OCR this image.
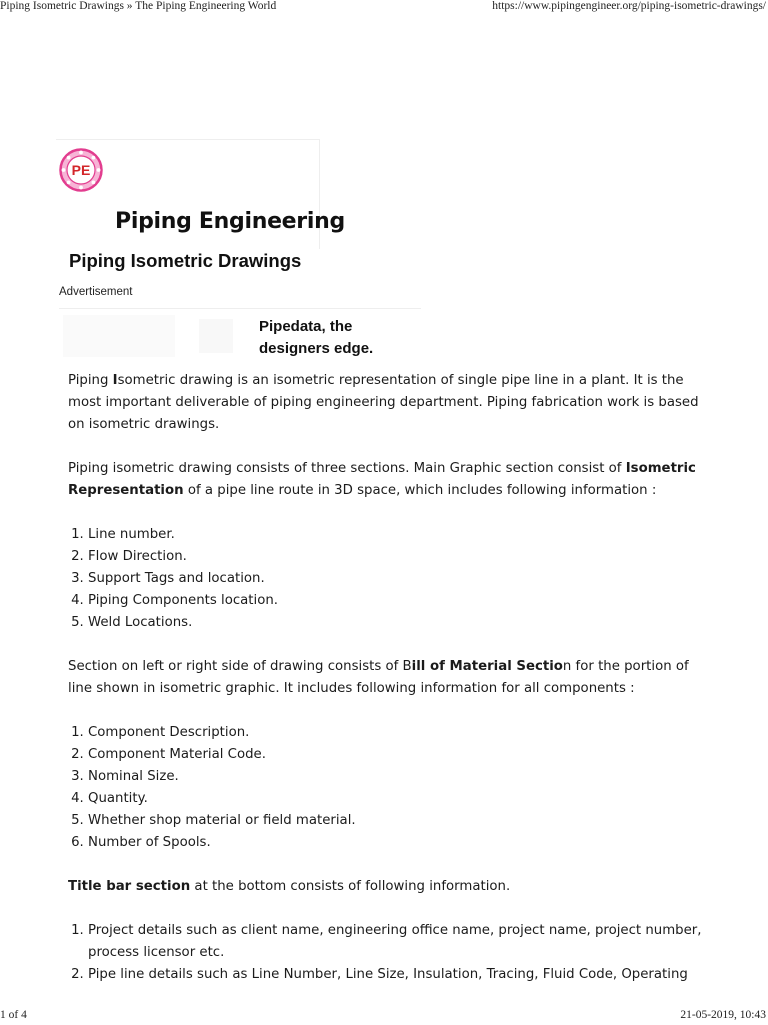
Piping Isometric Drawings » The Piping Engineering World	https://www.pipingengineer.org/piping-isometric-drawings/
PE
Piping Engineering
Piping Isometric Drawings
Advertisement
Pipedata, the
designers edge.

Piping Isometric drawing is an isometric representation of single pipe line in a plant. It is the most important deliverable of piping engineering department. Piping fabrication work is based on isometric drawings.

Piping isometric drawing consists of three sections. Main Graphic section consist of Isometric Representation of a pipe line route in 3D space, which includes following information :

1. Line number.
2. Flow Direction.
3. Support Tags and location.
4. Piping Components location.
5. Weld Locations.

Section on left or right side of drawing consists of Bill of Material Section for the portion of line shown in isometric graphic. It includes following information for all components :

1. Component Description.
2. Component Material Code.
3. Nominal Size.
4. Quantity.
5. Whether shop material or field material.
6. Number of Spools.

Title bar section at the bottom consists of following information.

1. Project details such as client name, engineering office name, project name, project number, process licensor etc.
2. Pipe line details such as Line Number, Line Size, Insulation, Tracing, Fluid Code, Operating
1 of 4	21-05-2019, 10:43
